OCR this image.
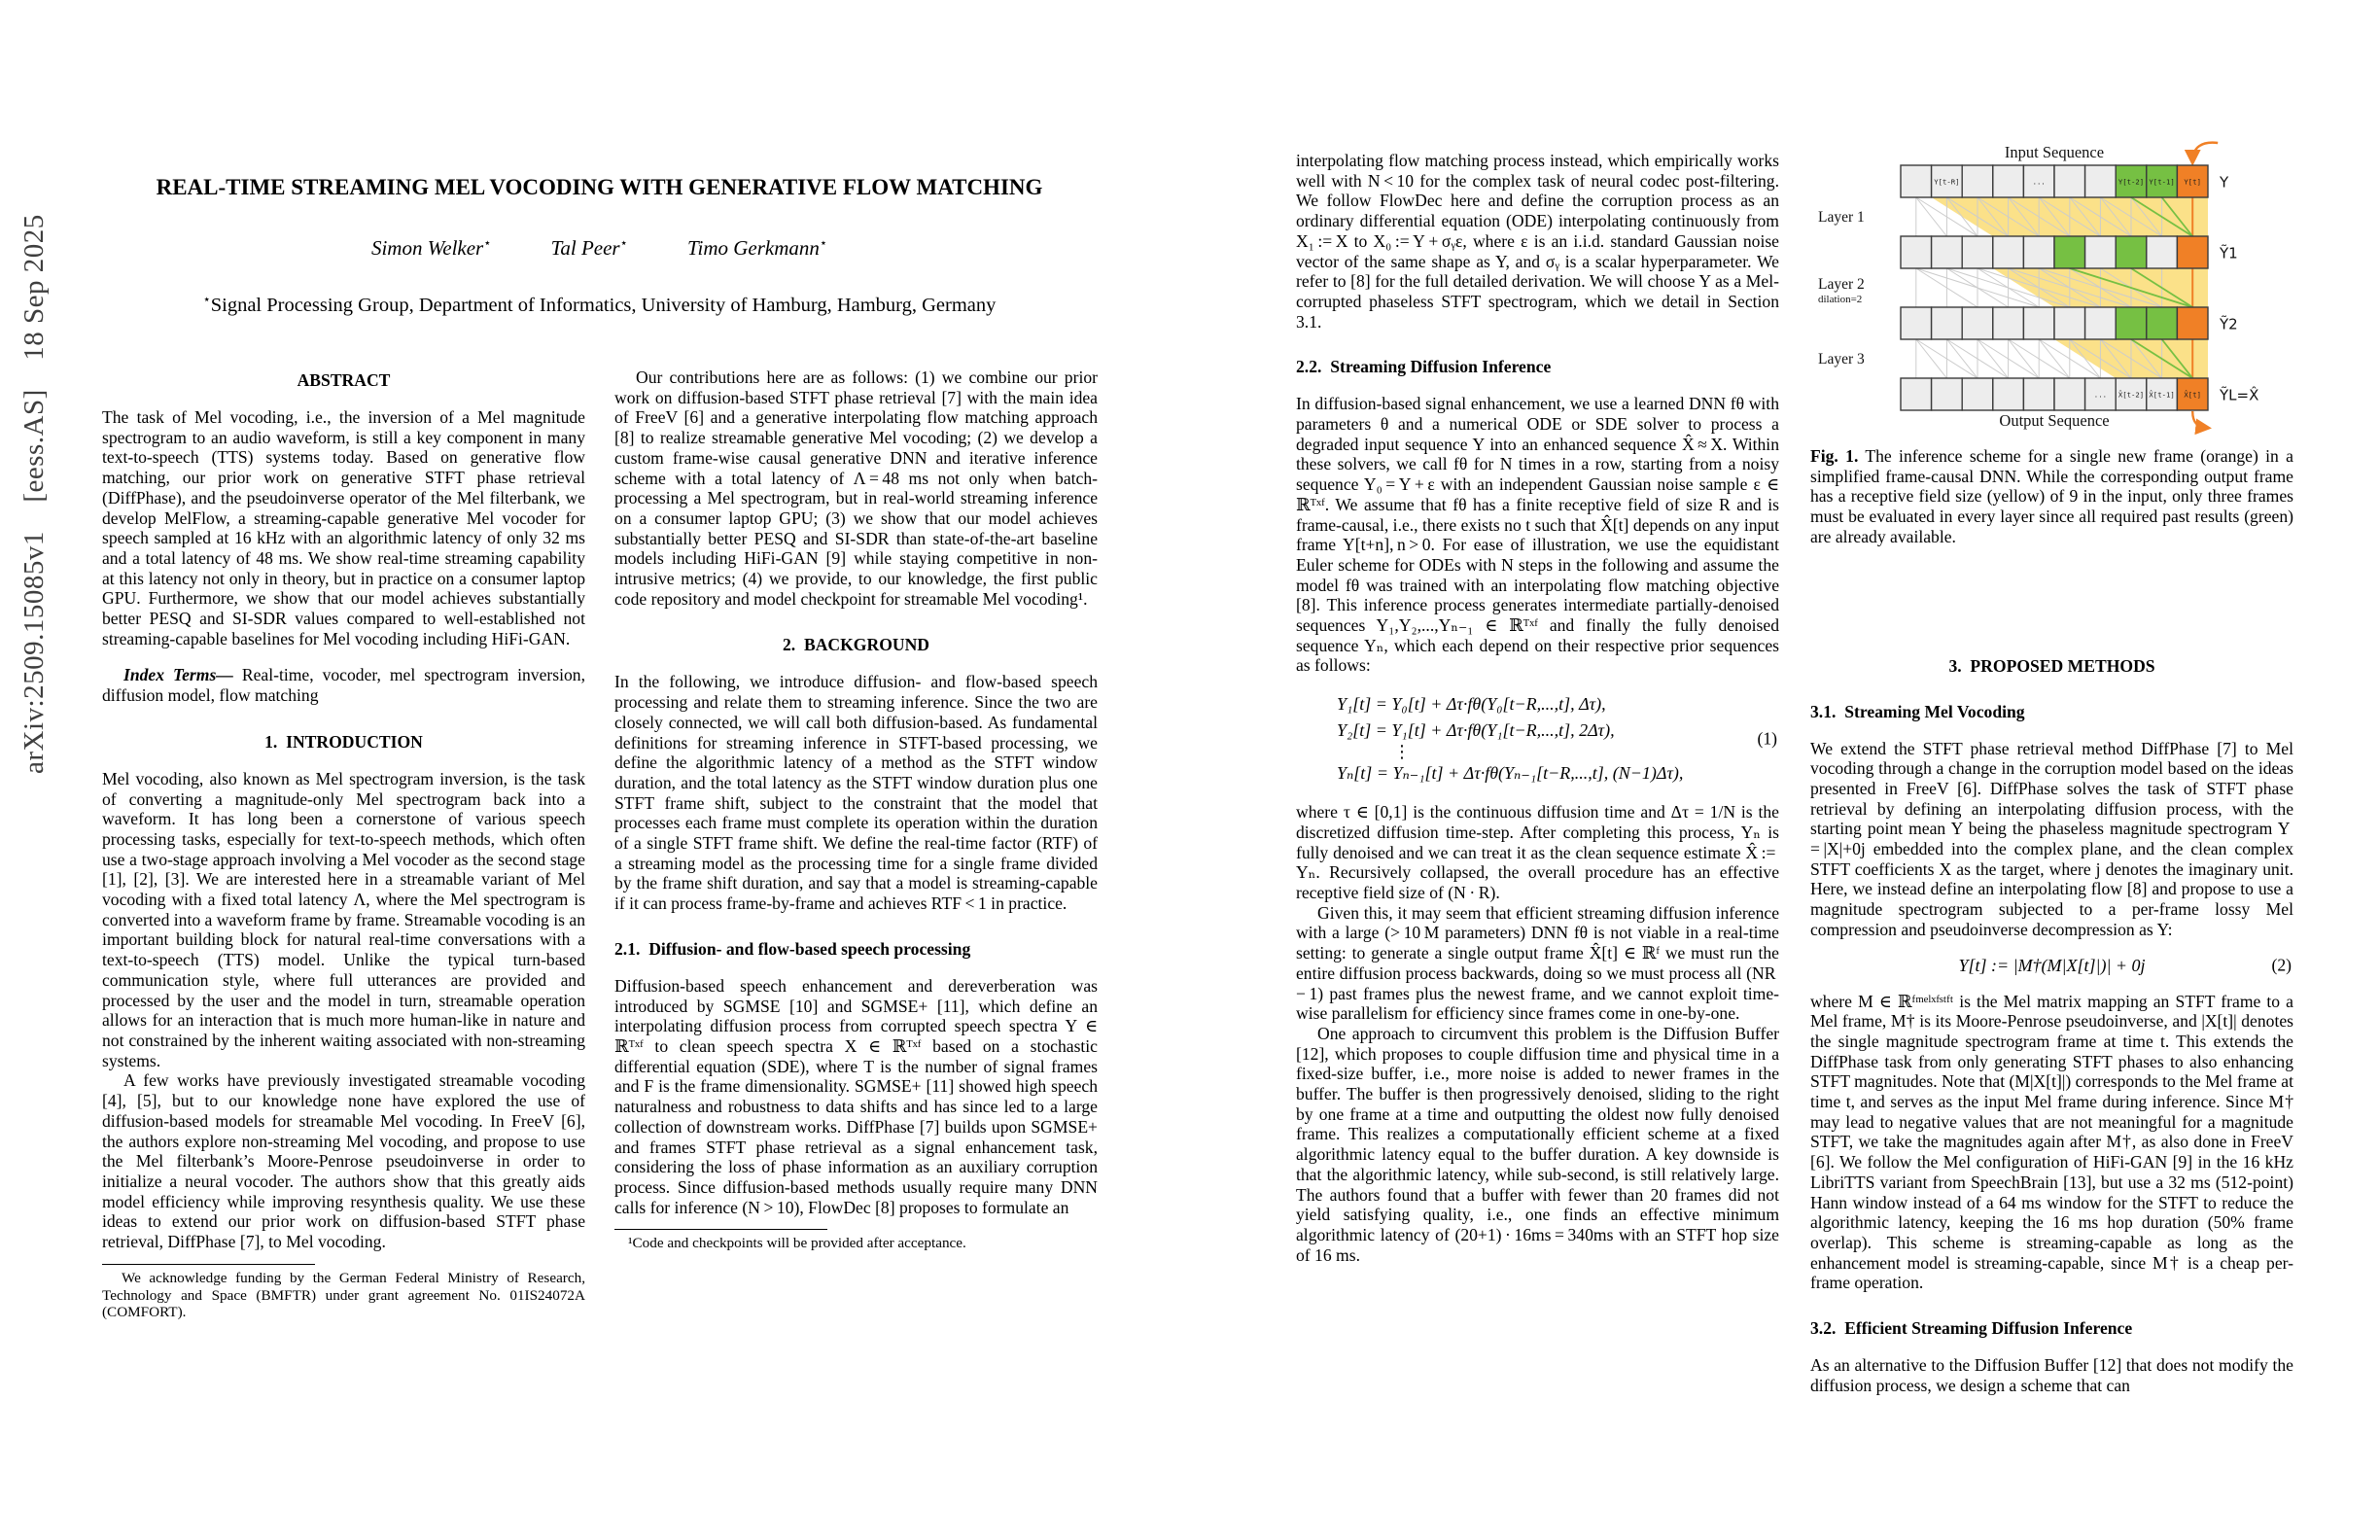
arXiv:2509.15085v1 [eess.AS] 18 Sep 2025
REAL-TIME STREAMING MEL VOCODING WITH GENERATIVE FLOW MATCHING
Simon Welker⋆	Tal Peer⋆	Timo Gerkmann⋆
⋆Signal Processing Group, Department of Informatics, University of Hamburg, Hamburg, Germany
ABSTRACT

The task of Mel vocoding, i.e., the inversion of a Mel magnitude spectrogram to an audio waveform, is still a key component in many text-to-speech (TTS) systems today. Based on generative flow matching, our prior work on generative STFT phase retrieval (DiffPhase), and the pseudoinverse operator of the Mel filterbank, we develop MelFlow, a streaming-capable generative Mel vocoder for speech sampled at 16 kHz with an algorithmic latency of only 32 ms and a total latency of 48 ms. We show real-time streaming capability at this latency not only in theory, but in practice on a consumer laptop GPU. Furthermore, we show that our model achieves substantially better PESQ and SI-SDR values compared to well-established not streaming-capable baselines for Mel vocoding including HiFi-GAN.

Index Terms— Real-time, vocoder, mel spectrogram inversion, diffusion model, flow matching

1. INTRODUCTION

Mel vocoding, also known as Mel spectrogram inversion, is the task of converting a magnitude-only Mel spectrogram back into a waveform. It has long been a cornerstone of various speech processing tasks, especially for text-to-speech methods, which often use a two-stage approach involving a Mel vocoder as the second stage [1], [2], [3]. We are interested here in a streamable variant of Mel vocoding with a fixed total latency Λ, where the Mel spectrogram is converted into a waveform frame by frame. Streamable vocoding is an important building block for natural real-time conversations with a text-to-speech (TTS) model. Unlike the typical turn-based communication style, where full utterances are provided and processed by the user and the model in turn, streamable operation allows for an interaction that is much more human-like in nature and not constrained by the inherent waiting associated with non-streaming systems.

A few works have previously investigated streamable vocoding [4], [5], but to our knowledge none have explored the use of diffusion-based models for streamable Mel vocoding. In FreeV [6], the authors explore non-streaming Mel vocoding, and propose to use the Mel filterbank’s Moore-Penrose pseudoinverse in order to initialize a neural vocoder. The authors show that this greatly aids model efficiency while improving resynthesis quality. We use these ideas to extend our prior work on diffusion-based STFT phase retrieval, DiffPhase [7], to Mel vocoding.

We acknowledge funding by the German Federal Ministry of Research, Technology and Space (BMFTR) under grant agreement No. 01IS24072A (COMFORT).

Our contributions here are as follows: (1) we combine our prior work on diffusion-based STFT phase retrieval [7] with the main idea of FreeV [6] and a generative interpolating flow matching approach [8] to realize streamable generative Mel vocoding; (2) we develop a custom frame-wise causal generative DNN and iterative inference scheme with a total latency of Λ = 48 ms not only when batch-processing a Mel spectrogram, but in real-world streaming inference on a consumer laptop GPU; (3) we show that our model achieves substantially better PESQ and SI-SDR than state-of-the-art baseline models including HiFi-GAN [9] while staying competitive in non-intrusive metrics; (4) we provide, to our knowledge, the first public code repository and model checkpoint for streamable Mel vocoding¹.

2. BACKGROUND

In the following, we introduce diffusion- and flow-based speech processing and relate them to streaming inference. Since the two are closely connected, we will call both diffusion-based. As fundamental definitions for streaming inference in STFT-based processing, we define the algorithmic latency of a method as the STFT window duration, and the total latency as the STFT window duration plus one STFT frame shift, subject to the constraint that the model that processes each frame must complete its operation within the duration of a single STFT frame shift. We define the real-time factor (RTF) of a streaming model as the processing time for a single frame divided by the frame shift duration, and say that a model is streaming-capable if it can process frame-by-frame and achieves RTF < 1 in practice.

2.1. Diffusion- and flow-based speech processing

Diffusion-based speech enhancement and dereverberation was introduced by SGMSE [10] and SGMSE+ [11], which define an interpolating diffusion process from corrupted speech spectra Y ∈ ℝᵀˣᶠ to clean speech spectra X ∈ ℝᵀˣᶠ based on a stochastic differential equation (SDE), where T is the number of signal frames and F is the frame dimensionality. SGMSE+ [11] showed high speech naturalness and robustness to data shifts and has since led to a large collection of downstream works. DiffPhase [7] builds upon SGMSE+ and frames STFT phase retrieval as a signal enhancement task, considering the loss of phase information as an auxiliary corruption process. Since diffusion-based methods usually require many DNN calls for inference (N > 10), FlowDec [8] proposes to formulate an

¹Code and checkpoints will be provided after acceptance.

interpolating flow matching process instead, which empirically works well with N < 10 for the complex task of neural codec post-filtering. We follow FlowDec here and define the corruption process as an ordinary differential equation (ODE) interpolating continuously from X₁ := X to X₀ := Y + σᵧε, where ε is an i.i.d. standard Gaussian noise vector of the same shape as Y, and σᵧ is a scalar hyperparameter. We refer to [8] for the full detailed derivation. We will choose Y as a Mel-corrupted phaseless STFT spectrogram, which we detail in Section 3.1.

2.2. Streaming Diffusion Inference

In diffusion-based signal enhancement, we use a learned DNN fθ with parameters θ and a numerical ODE or SDE solver to process a degraded input sequence Y into an enhanced sequence X̂ ≈ X. Within these solvers, we call fθ for N times in a row, starting from a noisy sequence Y₀ = Y + ε with an independent Gaussian noise sample ε ∈ ℝᵀˣᶠ. We assume that fθ has a finite receptive field of size R and is frame-causal, i.e., there exists no t such that X̂[t] depends on any input frame Y[t+n], n > 0. For ease of illustration, we use the equidistant Euler scheme for ODEs with N steps in the following and assume the model fθ was trained with an interpolating flow matching objective [8]. This inference process generates intermediate partially-denoised sequences Y₁,Y₂,...,Yₙ₋₁ ∈ ℝᵀˣᶠ and finally the fully denoised sequence Yₙ, which each depend on their respective prior sequences as follows:

Y₁[t] = Y₀[t] + Δτ·fθ(Y₀[t−R,...,t], Δτ),
Y₂[t] = Y₁[t] + Δτ·fθ(Y₁[t−R,...,t], 2Δτ),
⋮
Yₙ[t] = Yₙ₋₁[t] + Δτ·fθ(Yₙ₋₁[t−R,...,t], (N−1)Δτ),
(1)

where τ ∈ [0,1] is the continuous diffusion time and Δτ = 1/N is the discretized diffusion time-step. After completing this process, Yₙ is fully denoised and we can treat it as the clean sequence estimate X̂ := Yₙ. Recursively collapsed, the overall procedure has an effective receptive field size of (N · R).

Given this, it may seem that efficient streaming diffusion inference with a large (> 10 M parameters) DNN fθ is not viable in a real-time setting: to generate a single output frame X̂[t] ∈ ℝᶠ we must run the entire diffusion process backwards, doing so we must process all (NR − 1) past frames plus the newest frame, and we cannot exploit time-wise parallelism for efficiency since frames come in one-by-one.

One approach to circumvent this problem is the Diffusion Buffer [12], which proposes to couple diffusion time and physical time in a fixed-size buffer, i.e., more noise is added to newer frames in the buffer. The buffer is then progressively denoised, sliding to the right by one frame at a time and outputting the oldest now fully denoised frame. This realizes a computationally efficient scheme at a fixed algorithmic latency equal to the buffer duration. A key downside is that the algorithmic latency, while sub-second, is still relatively large. The authors found that a buffer with fewer than 20 frames did not yield satisfying quality, i.e., one finds an effective minimum algorithmic latency of (20+1) · 16ms = 340ms with an STFT hop size of 16 ms.

Y[t-R]	...	Y[t-2] Y[t-1] Y[t] Y
Ỹ1
Ỹ2
... X̂[t-2] X̂[t-1] X̂[t] ỸL=X̂
Input Sequence
Output Sequence
Layer 1
Layer 2
dilation=2
Layer 3

Fig. 1. The inference scheme for a single new frame (orange) in a simplified frame-causal DNN. While the corresponding output frame has a receptive field size (yellow) of 9 in the input, only three frames must be evaluated in every layer since all required past results (green) are already available.

3. PROPOSED METHODS
3.1. Streaming Mel Vocoding

We extend the STFT phase retrieval method DiffPhase [7] to Mel vocoding through a change in the corruption model based on the ideas presented in FreeV [6]. DiffPhase solves the task of STFT phase retrieval by defining an interpolating diffusion process, with the starting point mean Y being the phaseless magnitude spectrogram Y = |X|+0j embedded into the complex plane, and the clean complex STFT coefficients X as the target, where j denotes the imaginary unit. Here, we instead define an interpolating flow [8] and propose to use a magnitude spectrogram subjected to a per-frame lossy Mel compression and pseudoinverse decompression as Y:

Y[t] := |M†(M|X[t]|)| + 0j	(2)

where M ∈ ℝᶠᵐᵉˡˣᶠˢᵗᶠᵗ is the Mel matrix mapping an STFT frame to a Mel frame, M† is its Moore-Penrose pseudoinverse, and |X[t]| denotes the single magnitude spectrogram frame at time t. This extends the DiffPhase task from only generating STFT phases to also enhancing STFT magnitudes. Note that (M|X[t]|) corresponds to the Mel frame at time t, and serves as the input Mel frame during inference. Since M† may lead to negative values that are not meaningful for a magnitude STFT, we take the magnitudes again after M†, as also done in FreeV [6]. We follow the Mel configuration of HiFi-GAN [9] in the 16 kHz LibriTTS variant from SpeechBrain [13], but use a 32 ms (512-point) Hann window instead of a 64 ms window for the STFT to reduce the algorithmic latency, keeping the 16 ms hop duration (50% frame overlap). This scheme is streaming-capable as long as the enhancement model is streaming-capable, since M† is a cheap per-frame operation.

3.2. Efficient Streaming Diffusion Inference

As an alternative to the Diffusion Buffer [12] that does not modify the diffusion process, we design a scheme that can
